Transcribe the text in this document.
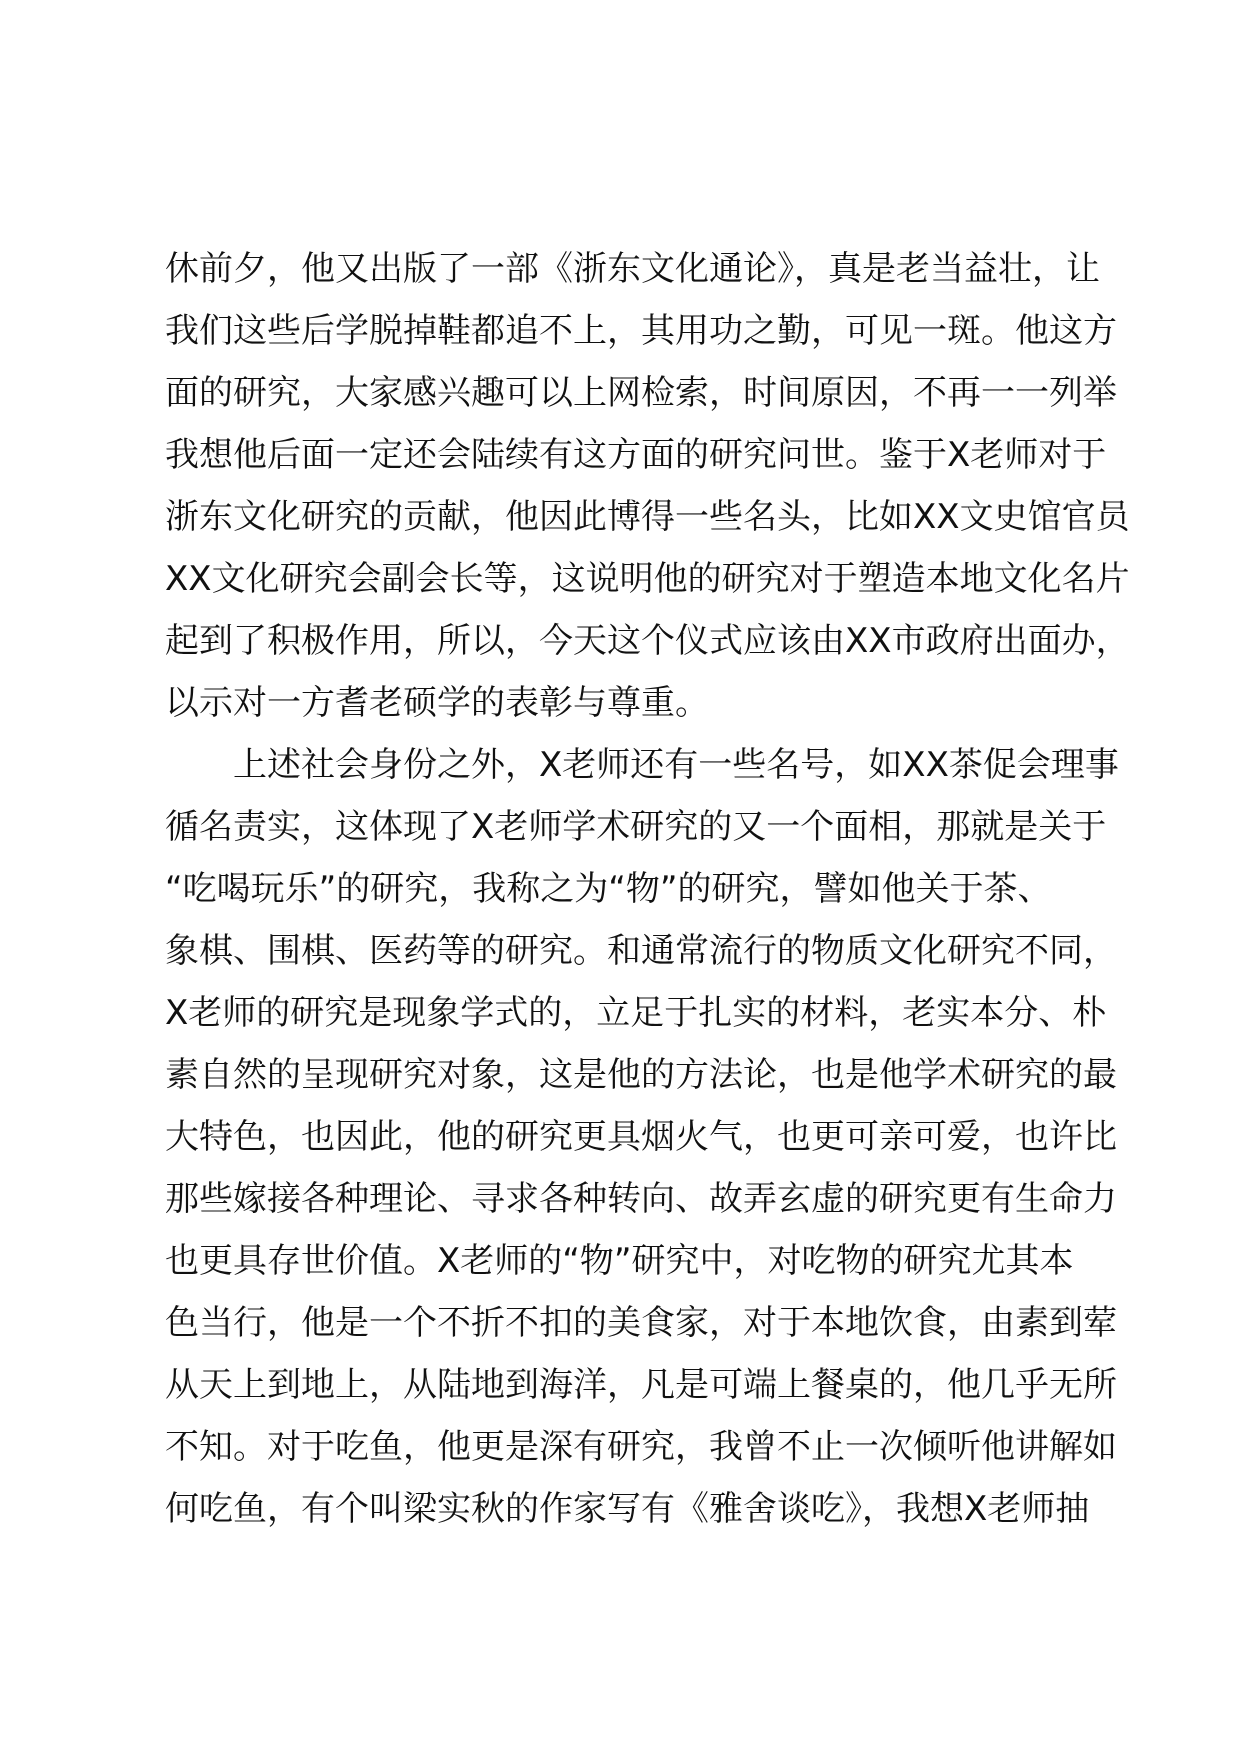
休前夕，他又出版了一部《浙东文化通论》，真是老当益壮，让
我们这些后学脱掉鞋都追不上，其用功之勤，可见一斑。他这方
面的研究，大家感兴趣可以上网检索，时间原因，不再一一列举
我想他后面一定还会陆续有这方面的研究问世。鉴于X老师对于
浙东文化研究的贡献，他因此博得一些名头，比如XX文史馆官员
XX文化研究会副会长等，这说明他的研究对于塑造本地文化名片
起到了积极作用，所以，今天这个仪式应该由XX市政府出面办，
以示对一方耆老硕学的表彰与尊重。
上述社会身份之外，X老师还有一些名号，如XX茶促会理事
循名责实，这体现了X老师学术研究的又一个面相，那就是关于
“吃喝玩乐”的研究，我称之为“物”的研究，譬如他关于茶、
象棋、围棋、医药等的研究。和通常流行的物质文化研究不同，
X老师的研究是现象学式的，立足于扎实的材料，老实本分、朴
素自然的呈现研究对象，这是他的方法论，也是他学术研究的最
大特色，也因此，他的研究更具烟火气，也更可亲可爱，也许比
那些嫁接各种理论、寻求各种转向、故弄玄虚的研究更有生命力
也更具存世价值。X老师的“物”研究中，对吃物的研究尤其本
色当行，他是一个不折不扣的美食家，对于本地饮食，由素到荤
从天上到地上，从陆地到海洋，凡是可端上餐桌的，他几乎无所
不知。对于吃鱼，他更是深有研究，我曾不止一次倾听他讲解如
何吃鱼，有个叫梁实秋的作家写有《雅舍谈吃》，我想X老师抽
